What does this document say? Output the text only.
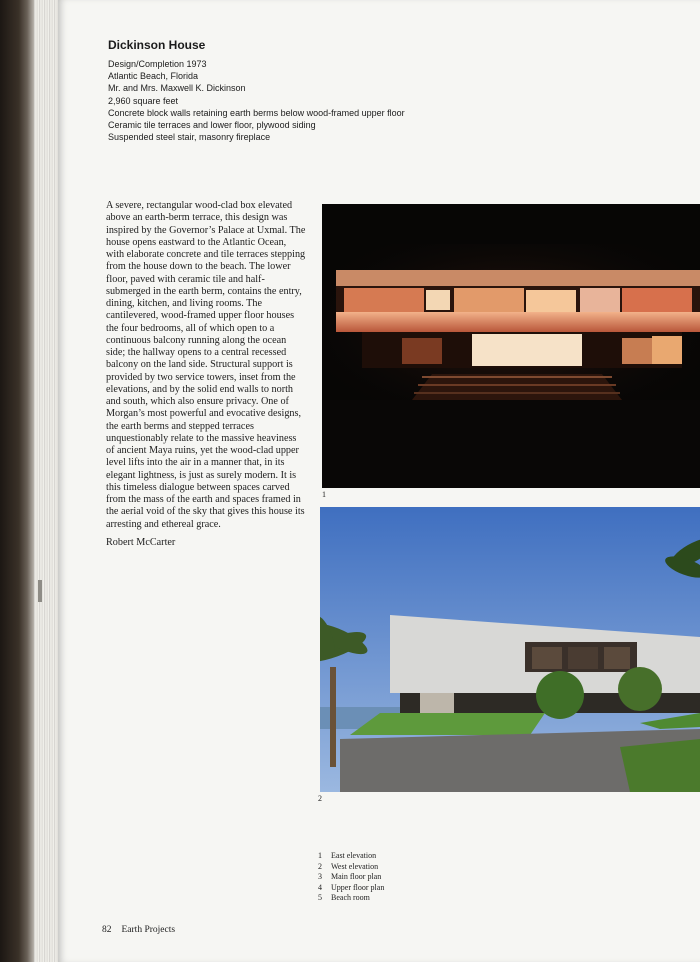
Dickinson House
Design/Completion 1973
Atlantic Beach, Florida
Mr. and Mrs. Maxwell K. Dickinson
2,960 square feet
Concrete block walls retaining earth berms below wood-framed upper floor
Ceramic tile terraces and lower floor, plywood siding
Suspended steel stair, masonry fireplace

A severe, rectangular wood-clad box elevated above an earth-berm terrace, this design was inspired by the Governor’s Palace at Uxmal. The house opens eastward to the Atlantic Ocean, with elaborate concrete and tile terraces stepping from the house down to the beach. The lower floor, paved with ceramic tile and half-submerged in the earth berm, contains the entry, dining, kitchen, and living rooms. The cantilevered, wood-framed upper floor houses the four bedrooms, all of which open to a continuous balcony running along the ocean side; the hallway opens to a central recessed balcony on the land side. Structural support is provided by two service towers, inset from the elevations, and by the solid end walls to north and south, which also ensure privacy. One of Morgan’s most powerful and evocative designs, the earth berms and stepped terraces unquestionably relate to the massive heaviness of ancient Maya ruins, yet the wood-clad upper level lifts into the air in a manner that, in its elegant lightness, is just as surely modern. It is this timeless dialogue between spaces carved from the mass of the earth and spaces framed in the aerial void of the sky that gives this house its arresting and ethereal grace.

Robert McCarter

1
2
1	East elevation
2	West elevation
3	Main floor plan
4	Upper floor plan
5	Beach room
82 Earth Projects
